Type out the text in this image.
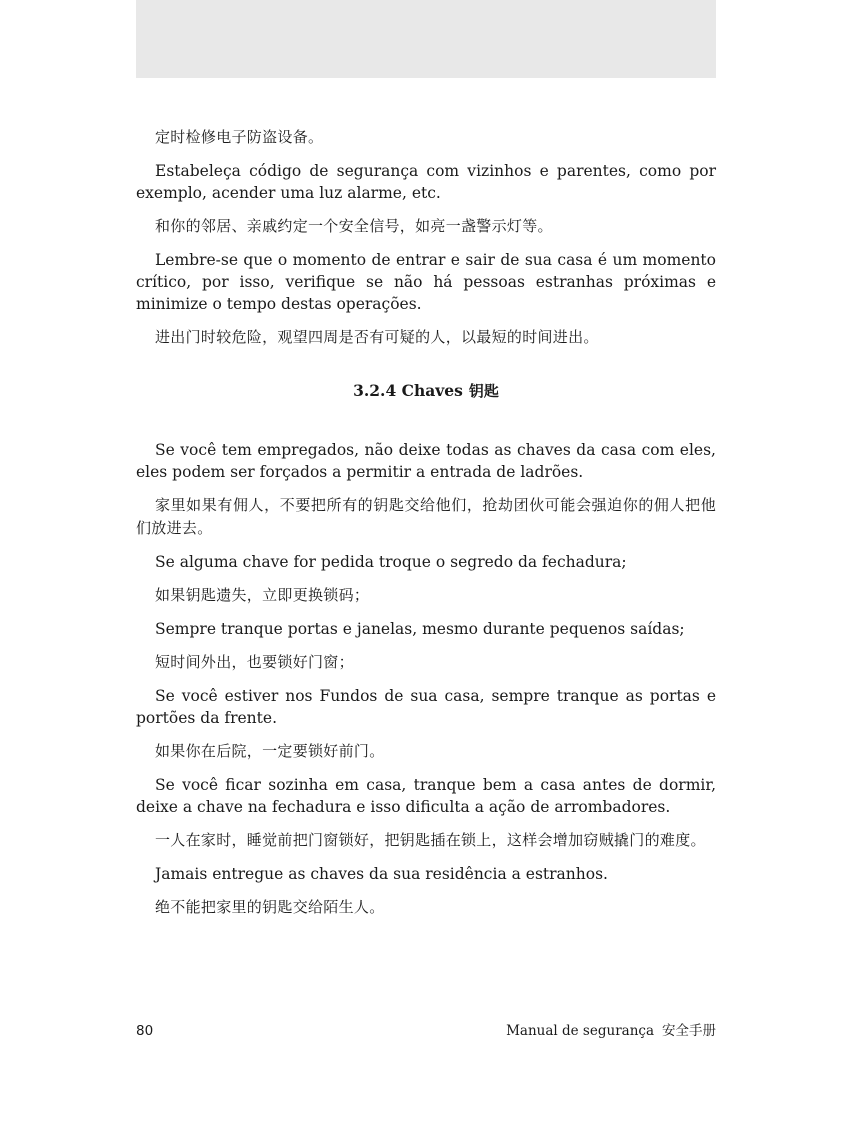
定时检修电子防盗设备。

Estabeleça código de segurança com vizinhos e parentes, como por exemplo, acender uma luz alarme, etc.

和你的邻居、亲戚约定一个安全信号，如亮一盏警示灯等。

Lembre-se que o momento de entrar e sair de sua casa é um momento crítico, por isso, verifique se não há pessoas estranhas próximas e minimize o tempo destas operações.

进出门时较危险，观望四周是否有可疑的人，以最短的时间进出。

3.2.4 Chaves 钥匙

Se você tem empregados, não deixe todas as chaves da casa com eles, eles podem ser forçados a permitir a entrada de ladrões.

家里如果有佣人，不要把所有的钥匙交给他们，抢劫团伙可能会强迫你的佣人把他们放进去。

Se alguma chave for pedida troque o segredo da fechadura;

如果钥匙遗失，立即更换锁码；

Sempre tranque portas e janelas, mesmo durante pequenos saídas;

短时间外出，也要锁好门窗；

Se você estiver nos Fundos de sua casa, sempre tranque as portas e portões da frente.

如果你在后院，一定要锁好前门。

Se você ficar sozinha em casa, tranque bem a casa antes de dormir, deixe a chave na fechadura e isso dificulta a ação de arrombadores.

一人在家时，睡觉前把门窗锁好，把钥匙插在锁上，这样会增加窃贼撬门的难度。

Jamais entregue as chaves da sua residência a estranhos.

绝不能把家里的钥匙交给陌生人。

80	Manual de segurança 安全手册
